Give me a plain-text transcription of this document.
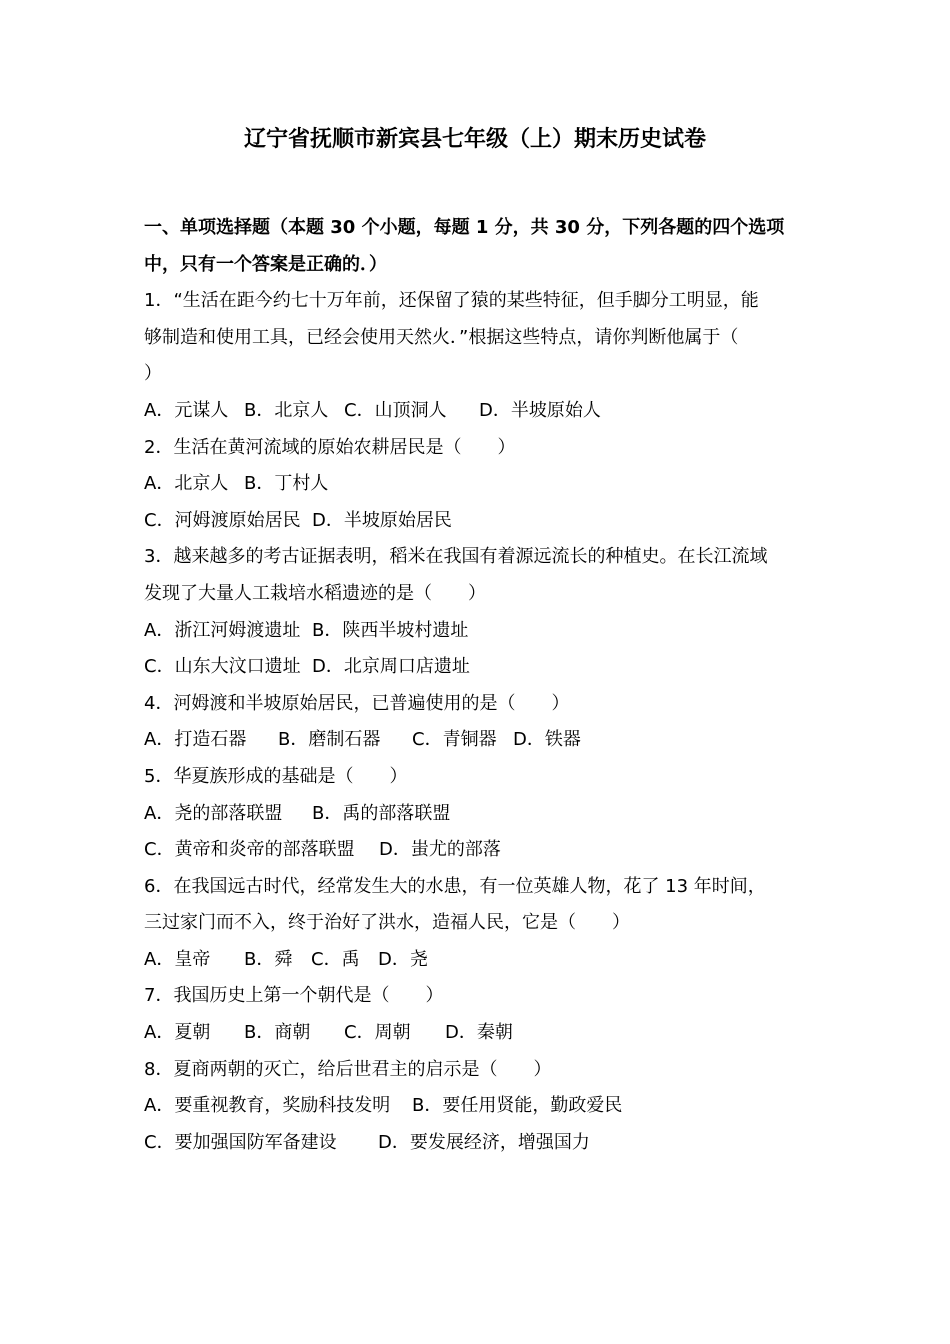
辽宁省抚顺市新宾县七年级（上）期末历史试卷
一、单项选择题（本题 30 个小题，每题 1 分，共 30 分，下列各题的四个选项
中，只有一个答案是正确的．）
1．“生活在距今约七十万年前，还保留了猿的某些特征，但手脚分工明显，能
够制造和使用工具，已经会使用天然火．”根据这些特点，请你判断他属于（
）
A．元谋人 B．北京人 C．山顶洞人 D．半坡原始人
2．生活在黄河流域的原始农耕居民是（　　）
A．北京人 B．丁村人
C．河姆渡原始居民 D．半坡原始居民
3．越来越多的考古证据表明，稻米在我国有着源远流长的种植史。在长江流域
发现了大量人工栽培水稻遗迹的是（　　）
A．浙江河姆渡遗址 B．陕西半坡村遗址
C．山东大汶口遗址 D．北京周口店遗址
4．河姆渡和半坡原始居民，已普遍使用的是（　　）
A．打造石器 B．磨制石器 C．青铜器 D．铁器
5．华夏族形成的基础是（　　）
A．尧的部落联盟 B．禹的部落联盟
C．黄帝和炎帝的部落联盟 D．蚩尤的部落
6．在我国远古时代，经常发生大的水患，有一位英雄人物，花了 13 年时间，
三过家门而不入，终于治好了洪水，造福人民，它是（　　）
A．皇帝 B．舜 C．禹 D．尧
7．我国历史上第一个朝代是（　　）
A．夏朝 B．商朝 C．周朝 D．秦朝
8．夏商两朝的灭亡，给后世君主的启示是（　　）
A．要重视教育，奖励科技发明 B．要任用贤能，勤政爱民
C．要加强国防军备建设 D．要发展经济，增强国力
